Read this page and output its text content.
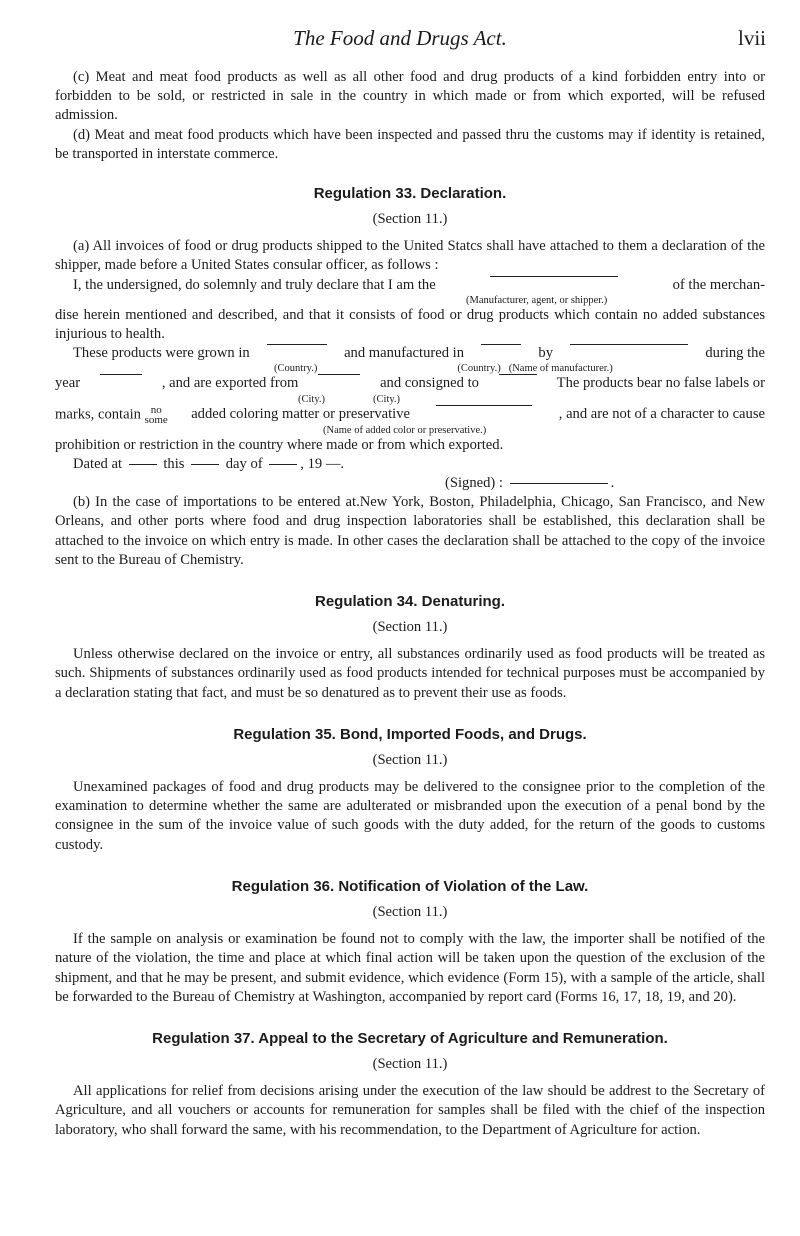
The Food and Drugs Act.	lvii

(c) Meat and meat food products as well as all other food and drug products of a kind forbidden entry into or forbidden to be sold, or restricted in sale in the country in which made or from which exported, will be refused admission.

(d) Meat and meat food products which have been inspected and passed thru the customs may if identity is retained, be transported in interstate commerce.

Regulation 33. Declaration.
(Section 11.)

(a) All invoices of food or drug products shipped to the United Statcs shall have attached to them a declaration of the shipper, made before a United States consular officer, as follows :

I, the undersigned, do solemnly and truly declare that I am the	of the merchan-
(Manufacturer, agent, or shipper.)

dise herein mentioned and described, and that it consists of food or drug products which contain no added substances injurious to health.

These products were grown in	and manufactured in	by	during the
(Country.)	(Country.) (Name of manufacturer.)
year	, and are exported from	and consigned to	The products bear no false labels or
(City.)	(City.)
marks, contain no
some added coloring matter or preservative	, and are not of a character to cause
(Name of added color or preservative.)

prohibition or restriction in the country where made or from which exported.

Dated at	this	day of	, 19 —.
(Signed) :	.

(b) In the case of importations to be entered at.New York, Boston, Philadelphia, Chicago, San Francisco, and New Orleans, and other ports where food and drug inspection laboratories shall be established, this declaration shall be attached to the invoice on which entry is made. In other cases the declaration shall be attached to the copy of the invoice sent to the Bureau of Chemistry.

Regulation 34. Denaturing.
(Section 11.)

Unless otherwise declared on the invoice or entry, all substances ordinarily used as food products will be treated as such. Shipments of substances ordinarily used as food products intended for technical purposes must be accompanied by a declaration stating that fact, and must be so denatured as to prevent their use as foods.

Regulation 35. Bond, Imported Foods, and Drugs.
(Section 11.)

Unexamined packages of food and drug products may be delivered to the consignee prior to the completion of the examination to determine whether the same are adulterated or misbranded upon the execution of a penal bond by the consignee in the sum of the invoice value of such goods with the duty added, for the return of the goods to customs custody.

Regulation 36. Notification of Violation of the Law.
(Section 11.)

If the sample on analysis or examination be found not to comply with the law, the importer shall be notified of the nature of the violation, the time and place at which final action will be taken upon the question of the exclusion of the shipment, and that he may be present, and submit evidence, which evidence (Form 15), with a sample of the article, shall be forwarded to the Bureau of Chemistry at Washington, accompanied by report card (Forms 16, 17, 18, 19, and 20).

Regulation 37. Appeal to the Secretary of Agriculture and Remuneration.
(Section 11.)

All applications for relief from decisions arising under the execution of the law should be addrest to the Secretary of Agriculture, and all vouchers or accounts for remuneration for samples shall be filed with the chief of the inspection laboratory, who shall forward the same, with his recommendation, to the Department of Agriculture for action.
